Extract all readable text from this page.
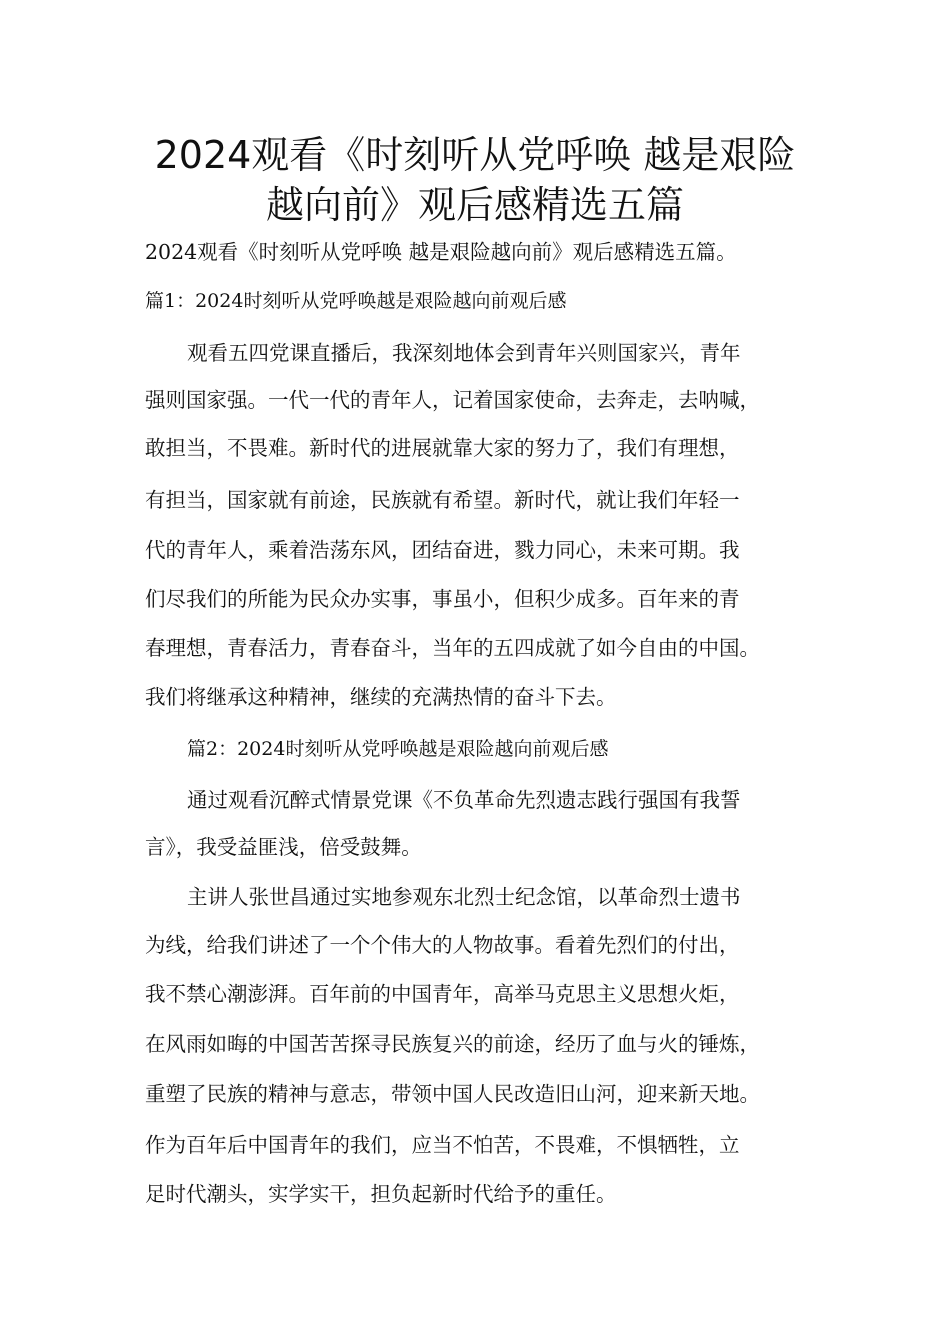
2024观看《时刻听从党呼唤 越是艰险
越向前》观后感精选五篇
2024观看《时刻听从党呼唤 越是艰险越向前》观后感精选五篇。
篇1：2024时刻听从党呼唤越是艰险越向前观后感
观看五四党课直播后，我深刻地体会到青年兴则国家兴，青年
强则国家强。一代一代的青年人，记着国家使命，去奔走，去呐喊，
敢担当，不畏难。新时代的进展就靠大家的努力了，我们有理想，
有担当，国家就有前途，民族就有希望。新时代，就让我们年轻一
代的青年人，乘着浩荡东风，团结奋进，戮力同心，未来可期。我
们尽我们的所能为民众办实事，事虽小，但积少成多。百年来的青
春理想，青春活力，青春奋斗，当年的五四成就了如今自由的中国。
我们将继承这种精神，继续的充满热情的奋斗下去。
篇2：2024时刻听从党呼唤越是艰险越向前观后感
通过观看沉醉式情景党课《不负革命先烈遗志践行强国有我誓
言》，我受益匪浅，倍受鼓舞。
主讲人张世昌通过实地参观东北烈士纪念馆，以革命烈士遗书
为线，给我们讲述了一个个伟大的人物故事。看着先烈们的付出，
我不禁心潮澎湃。百年前的中国青年，高举马克思主义思想火炬，
在风雨如晦的中国苦苦探寻民族复兴的前途，经历了血与火的锤炼，
重塑了民族的精神与意志，带领中国人民改造旧山河，迎来新天地。
作为百年后中国青年的我们，应当不怕苦，不畏难，不惧牺牲，立
足时代潮头，实学实干，担负起新时代给予的重任。
